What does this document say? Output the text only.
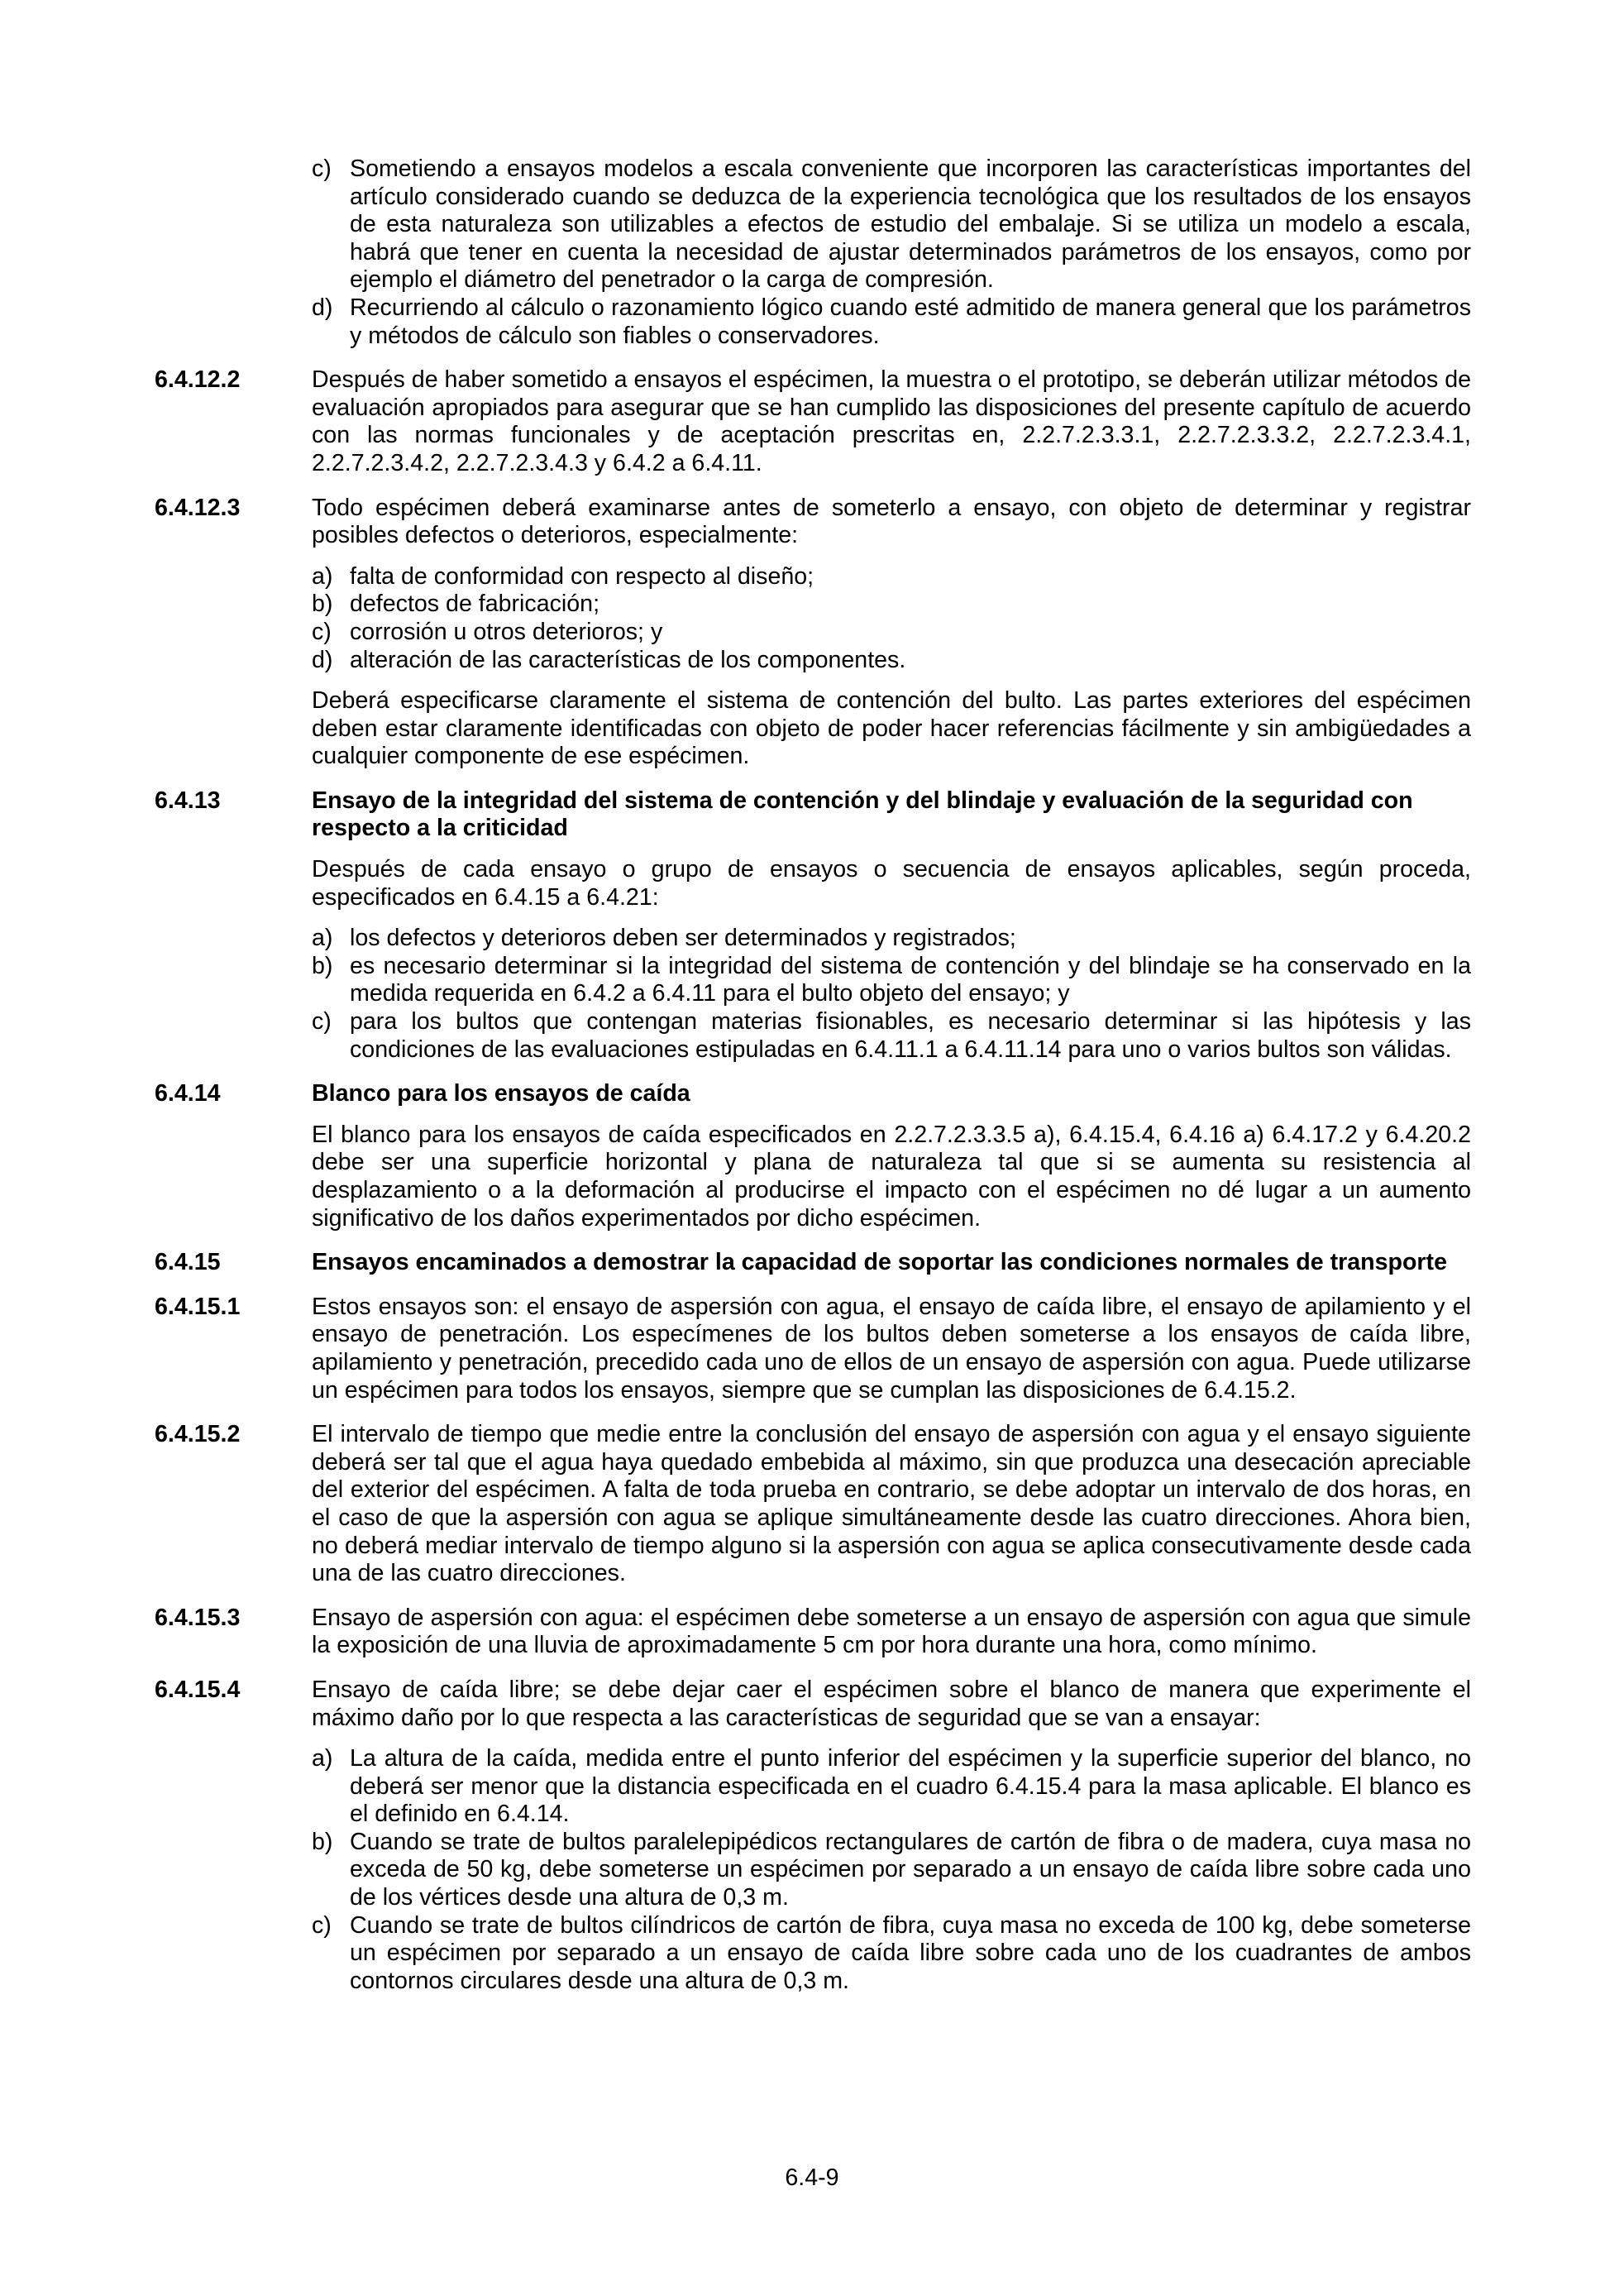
c) Sometiendo a ensayos modelos a escala conveniente que incorporen las características importantes del artículo considerado cuando se deduzca de la experiencia tecnológica que los resultados de los ensayos de esta naturaleza son utilizables a efectos de estudio del embalaje. Si se utiliza un modelo a escala, habrá que tener en cuenta la necesidad de ajustar determinados parámetros de los ensayos, como por ejemplo el diámetro del penetrador o la carga de compresión.
d) Recurriendo al cálculo o razonamiento lógico cuando esté admitido de manera general que los parámetros y métodos de cálculo son fiables o conservadores.
6.4.12.2	Después de haber sometido a ensayos el espécimen, la muestra o el prototipo, se deberán utilizar métodos de evaluación apropiados para asegurar que se han cumplido las disposiciones del presente capítulo de acuerdo con las normas funcionales y de aceptación prescritas en, 2.2.7.2.3.3.1, 2.2.7.2.3.3.2, 2.2.7.2.3.4.1, 2.2.7.2.3.4.2, 2.2.7.2.3.4.3 y 6.4.2 a 6.4.11.
6.4.12.3	Todo espécimen deberá examinarse antes de someterlo a ensayo, con objeto de determinar y registrar posibles defectos o deterioros, especialmente:
a) falta de conformidad con respecto al diseño;
b) defectos de fabricación;
c) corrosión u otros deterioros; y
d) alteración de las características de los componentes.
Deberá especificarse claramente el sistema de contención del bulto. Las partes exteriores del espécimen deben estar claramente identificadas con objeto de poder hacer referencias fácilmente y sin ambigüedades a cualquier componente de ese espécimen.
6.4.13	Ensayo de la integridad del sistema de contención y del blindaje y evaluación de la seguridad con respecto a la criticidad
Después de cada ensayo o grupo de ensayos o secuencia de ensayos aplicables, según proceda, especificados en 6.4.15 a 6.4.21:
a) los defectos y deterioros deben ser determinados y registrados;
b) es necesario determinar si la integridad del sistema de contención y del blindaje se ha conservado en la medida requerida en 6.4.2 a 6.4.11 para el bulto objeto del ensayo; y
c) para los bultos que contengan materias fisionables, es necesario determinar si las hipótesis y las condiciones de las evaluaciones estipuladas en 6.4.11.1 a 6.4.11.14 para uno o varios bultos son válidas.
6.4.14	Blanco para los ensayos de caída
El blanco para los ensayos de caída especificados en 2.2.7.2.3.3.5 a), 6.4.15.4, 6.4.16 a) 6.4.17.2 y 6.4.20.2 debe ser una superficie horizontal y plana de naturaleza tal que si se aumenta su resistencia al desplazamiento o a la deformación al producirse el impacto con el espécimen no dé lugar a un aumento significativo de los daños experimentados por dicho espécimen.
6.4.15	Ensayos encaminados a demostrar la capacidad de soportar las condiciones normales de transporte
6.4.15.1	Estos ensayos son: el ensayo de aspersión con agua, el ensayo de caída libre, el ensayo de apilamiento y el ensayo de penetración. Los especímenes de los bultos deben someterse a los ensayos de caída libre, apilamiento y penetración, precedido cada uno de ellos de un ensayo de aspersión con agua. Puede utilizarse un espécimen para todos los ensayos, siempre que se cumplan las disposiciones de 6.4.15.2.
6.4.15.2	El intervalo de tiempo que medie entre la conclusión del ensayo de aspersión con agua y el ensayo siguiente deberá ser tal que el agua haya quedado embebida al máximo, sin que produzca una desecación apreciable del exterior del espécimen. A falta de toda prueba en contrario, se debe adoptar un intervalo de dos horas, en el caso de que la aspersión con agua se aplique simultáneamente desde las cuatro direcciones. Ahora bien, no deberá mediar intervalo de tiempo alguno si la aspersión con agua se aplica consecutivamente desde cada una de las cuatro direcciones.
6.4.15.3	Ensayo de aspersión con agua: el espécimen debe someterse a un ensayo de aspersión con agua que simule la exposición de una lluvia de aproximadamente 5 cm por hora durante una hora, como mínimo.
6.4.15.4	Ensayo de caída libre; se debe dejar caer el espécimen sobre el blanco de manera que experimente el máximo daño por lo que respecta a las características de seguridad que se van a ensayar:
a) La altura de la caída, medida entre el punto inferior del espécimen y la superficie superior del blanco, no deberá ser menor que la distancia especificada en el cuadro 6.4.15.4 para la masa aplicable. El blanco es el definido en 6.4.14.
b) Cuando se trate de bultos paralelepipédicos rectangulares de cartón de fibra o de madera, cuya masa no exceda de 50 kg, debe someterse un espécimen por separado a un ensayo de caída libre sobre cada uno de los vértices desde una altura de 0,3 m.
c) Cuando se trate de bultos cilíndricos de cartón de fibra, cuya masa no exceda de 100 kg, debe someterse un espécimen por separado a un ensayo de caída libre sobre cada uno de los cuadrantes de ambos contornos circulares desde una altura de 0,3 m.
6.4-9
